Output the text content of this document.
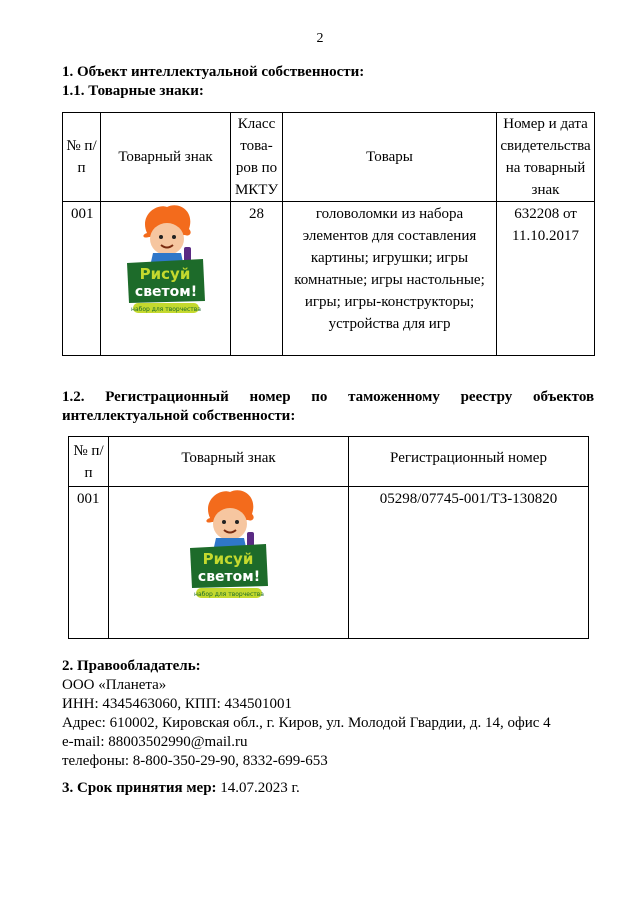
2
1. Объект интеллектуальной собственности:
1.1. Товарные знаки:
№ п/п	Товарный знак	Класс това-ров по МКТУ	Товары	Номер и дата свидетельства на товарный знак
001	Рисуй
светом!
набор для творчества	28	головоломки из набора элементов для составления картины; игрушки; игры комнатные; игры настольные; игры; игры-конструкторы; устройства для игр	632208 от 11.10.2017
1.2. Регистрационный номер по таможенному реестру объектов
интеллектуальной собственности:
№ п/п	Товарный знак	Регистрационный номер
001	Рисуй
светом!
набор для творчества	05298/07745-001/ТЗ-130820
2. Правообладатель:
ООО «Планета»
ИНН: 4345463060, КПП: 434501001
Адрес: 610002, Кировская обл., г. Киров, ул. Молодой Гвардии, д. 14, офис 4
e-mail: 88003502990@mail.ru
телефоны: 8-800-350-29-90, 8332-699-653
3. Срок принятия мер: 14.07.2023 г.
